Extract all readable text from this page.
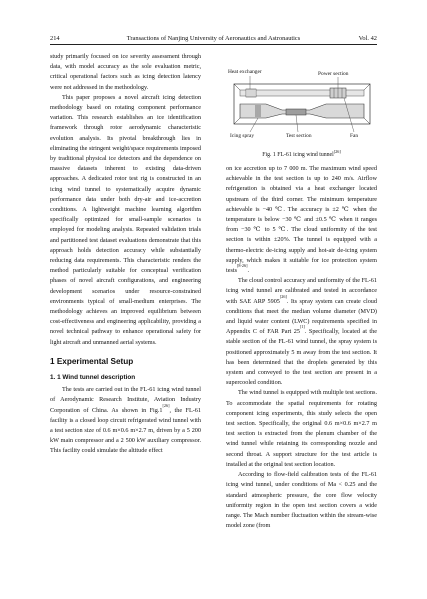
214	Transactions of Nanjing University of Aeronautics and Astronautics	Vol. 42

study primarily focused on ice severity assessment through data, with model accuracy as the sole evaluation metric, critical operational factors such as icing detection latency were not addressed in the methodology.

This paper proposes a novel aircraft icing detection methodology based on rotating component performance variation. This research establishes an ice identification framework through rotor aerodynamic characteristic evolution analysis. Its pivotal breakthrough lies in eliminating the stringent weight/space requirements imposed by traditional physical ice detectors and the dependence on massive datasets inherent to existing data-driven approaches. A dedicated rotor test rig is constructed in an icing wind tunnel to systematically acquire dynamic performance data under both dry-air and ice-accretion conditions. A lightweight machine learning algorithm specifically optimized for small-sample scenarios is employed for modeling analysis. Repeated validation trials and partitioned test dataset evaluations demonstrate that this approach holds detection accuracy while substantially reducing data requirements. This characteristic renders the method particularly suitable for conceptual verification phases of novel aircraft configurations, and engineering development scenarios under resource-constrained environments typical of small-medium enterprises. The methodology achieves an improved equilibrium between cost-effectiveness and engineering applicability, providing a novel technical pathway to enhance operational safety for light aircraft and unmanned aerial systems.

1 Experimental Setup
1. 1 Wind tunnel description

The tests are carried out in the FL-61 icing wind tunnel of Aerodynamic Research Institute, Aviation Industry Corporation of China. As shown in Fig.1[26], the FL-61 facility is a closed loop circuit refrigerated wind tunnel with a test section size of 0.6 m×0.6 m×2.7 m, driven by a 5 200 kW main compressor and a 2 500 kW auxiliary compressor. This facility could simulate the altitude effect

Heat exchanger	Power section
Icing spray	Test section	Fan
Fig. 1 FL-61 icing wind tunnel[26]

on ice accretion up to 7 000 m. The maximum wind speed achievable in the test section is up to 240 m/s. Airflow refrigeration is obtained via a heat exchanger located upstream of the third corner. The minimum temperature achievable is −40 ℃. The accuracy is ±2 ℃ when the temperature is below −30 ℃ and ±0.5 ℃ when it ranges from −30 ℃ to 5 ℃. The cloud uniformity of the test section is within ±20%. The tunnel is equipped with a thermo-electric de-icing supply and hot-air de-icing system supply, which makes it suitable for ice protection system tests[8-26].

The cloud control accuracy and uniformity of the FL-61 icing wind tunnel are calibrated and tested in accordance with SAE ARP 5905[26]. Its spray system can create cloud conditions that meet the median volume diameter (MVD) and liquid water content (LWC) requirements specified in Appendix C of FAR Part 25[1]. Specifically, located at the stable section of the FL-61 wind tunnel, the spray system is positioned approximately 5 m away from the test section. It has been determined that the droplets generated by this system and conveyed to the test section are present in a supercooled condition.

The wind tunnel is equipped with multiple test sections. To accommodate the spatial requirements for rotating component icing experiments, this study selects the open test section. Specifically, the original 0.6 m×0.6 m×2.7 m test section is extracted from the plenum chamber of the wind tunnel while retaining its corresponding nozzle and second throat. A support structure for the test article is installed at the original test section location.

According to flow-field calibration tests of the FL-61 icing wind tunnel, under conditions of Ma < 0.25 and the standard atmospheric pressure, the core flow velocity uniformity region in the open test section covers a wide range. The Mach number fluctuation within the stream-wise model zone (from
